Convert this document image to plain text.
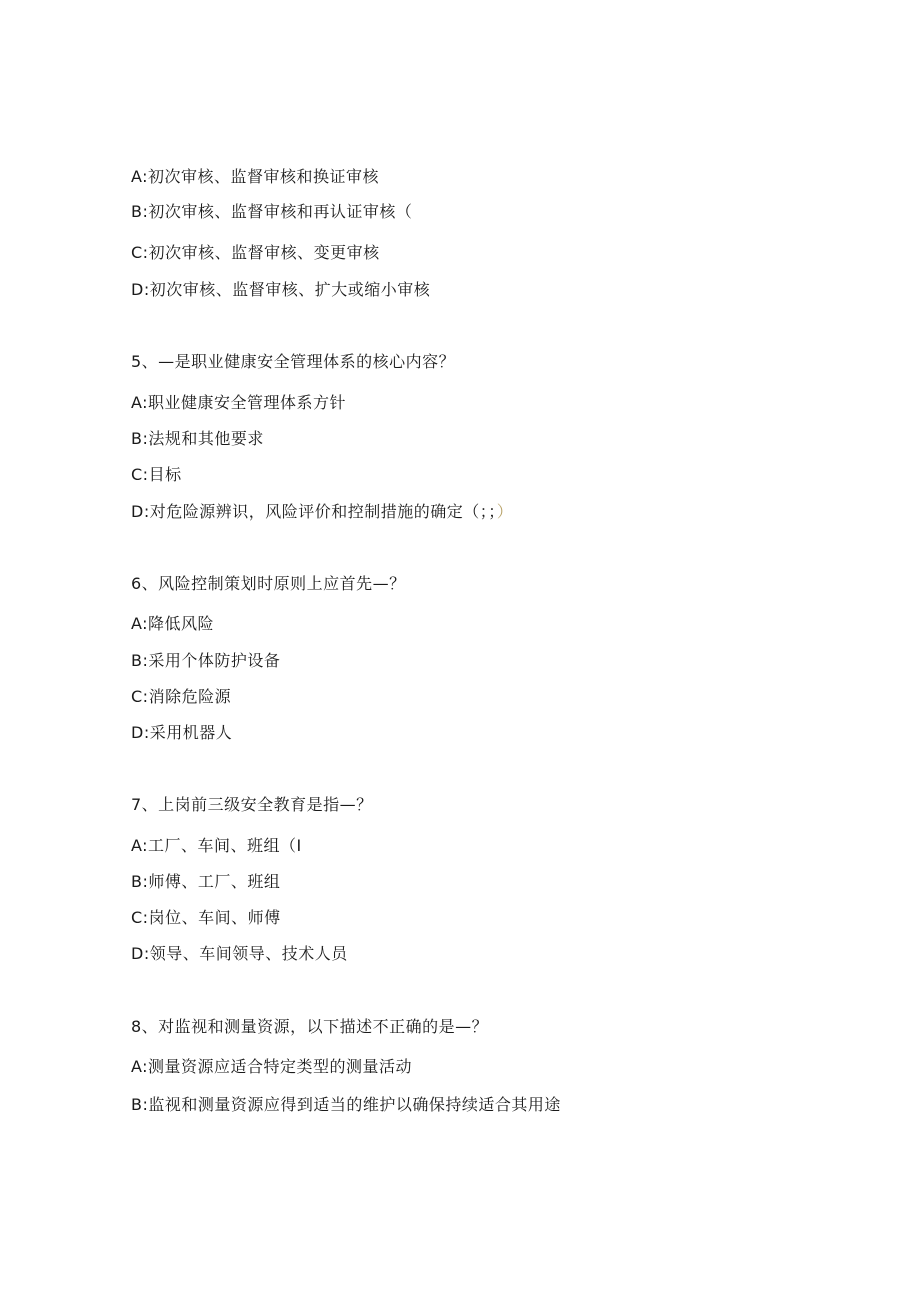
A:初次审核、监督审核和换证审核
B:初次审核、监督审核和再认证审核（
C:初次审核、监督审核、变更审核
D:初次审核、监督审核、扩大或缩小审核
5、—是职业健康安全管理体系的核心内容？
A:职业健康安全管理体系方针
B:法规和其他要求
C:目标
D:对危险源辨识，风险评价和控制措施的确定（；；）
6、风险控制策划时原则上应首先—？
A:降低风险
B:采用个体防护设备
C:消除危险源
D:采用机器人
7、上岗前三级安全教育是指—？
A:工厂、车间、班组（I
B:师傅、工厂、班组
C:岗位、车间、师傅
D:领导、车间领导、技术人员
8、对监视和测量资源，以下描述不正确的是—？
A:测量资源应适合特定类型的测量活动
B:监视和测量资源应得到适当的维护以确保持续适合其用途
